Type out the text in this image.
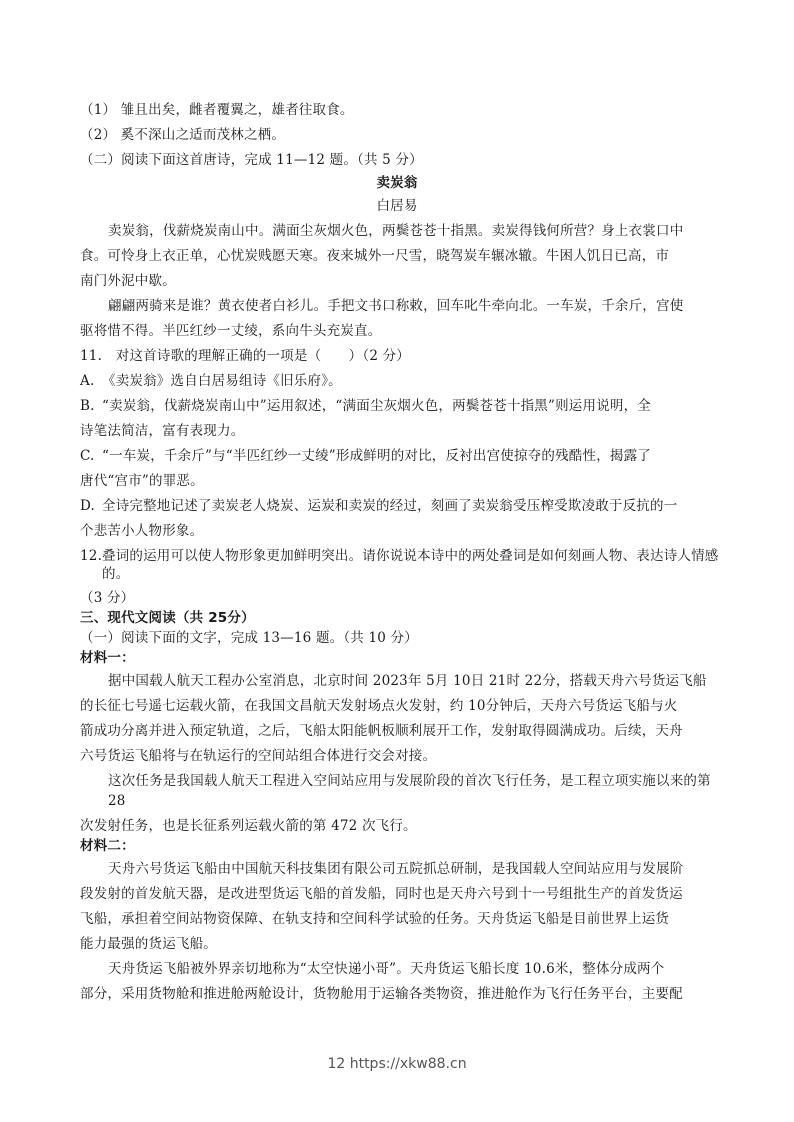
（1） 雏且出矣，雌者覆翼之，雄者往取食。
（2） 奚不深山之适而茂林之栖。
（二）阅读下面这首唐诗，完成 11—12 题。（共 5 分）
卖炭翁
白居易
卖炭翁，伐薪烧炭南山中。满面尘灰烟火色，两鬓苍苍十指黑。卖炭得钱何所营？身上衣裳口中
食。可怜身上衣正单，心忧炭贱愿天寒。夜来城外一尺雪，晓驾炭车辗冰辙。牛困人饥日已高，市
南门外泥中歇。
翩翩两骑来是谁？黄衣使者白衫儿。手把文书口称敕，回车叱牛牵向北。一车炭，千余斤，宫使
驱将惜不得。半匹红纱一丈绫，系向牛头充炭直。
11.　对这首诗歌的理解正确的一项是（　　）（2 分）
A. 《卖炭翁》选自白居易组诗《旧乐府》。
B. “卖炭翁，伐薪烧炭南山中”运用叙述，“满面尘灰烟火色，两鬓苍苍十指黑”则运用说明，全
诗笔法简洁，富有表现力。
C. “一车炭，千余斤”与“半匹红纱一丈绫”形成鲜明的对比，反衬出宫使掠夺的残酷性，揭露了
唐代“宫市”的罪恶。
D. 全诗完整地记述了卖炭老人烧炭、运炭和卖炭的经过，刻画了卖炭翁受压榨受欺凌敢于反抗的一
个悲苦小人物形象。
12. 叠词的运用可以使人物形象更加鲜明突出。请你说说本诗中的两处叠词是如何刻画人物、表达诗人情感
的。
（3 分）
三、现代文阅读（共 25分）
（一）阅读下面的文字，完成 13—16 题。（共 10 分）
材料一：
据中国载人航天工程办公室消息，北京时间 2023年 5月 10日 21时 22分，搭载天舟六号货运飞船
的长征七号遥七运载火箭，在我国文昌航天发射场点火发射，约 10分钟后，天舟六号货运飞船与火
箭成功分离并进入预定轨道，之后，飞船太阳能帆板顺利展开工作，发射取得圆满成功。后续，天舟
六号货运飞船将与在轨运行的空间站组合体进行交会对接。
这次任务是我国载人航天工程进入空间站应用与发展阶段的首次飞行任务，是工程立项实施以来的第
28
次发射任务，也是长征系列运载火箭的第 472 次飞行。
材料二：
天舟六号货运飞船由中国航天科技集团有限公司五院抓总研制，是我国载人空间站应用与发展阶
段发射的首发航天器，是改进型货运飞船的首发船，同时也是天舟六号到十一号组批生产的首发货运
飞船，承担着空间站物资保障、在轨支持和空间科学试验的任务。天舟货运飞船是目前世界上运货
能力最强的货运飞船。
天舟货运飞船被外界亲切地称为“太空快递小哥”。天舟货运飞船长度 10.6米，整体分成两个
部分，采用货物舱和推进舱两舱设计，货物舱用于运输各类物资，推进舱作为飞行任务平台，主要配
12 https://xkw88.cn
